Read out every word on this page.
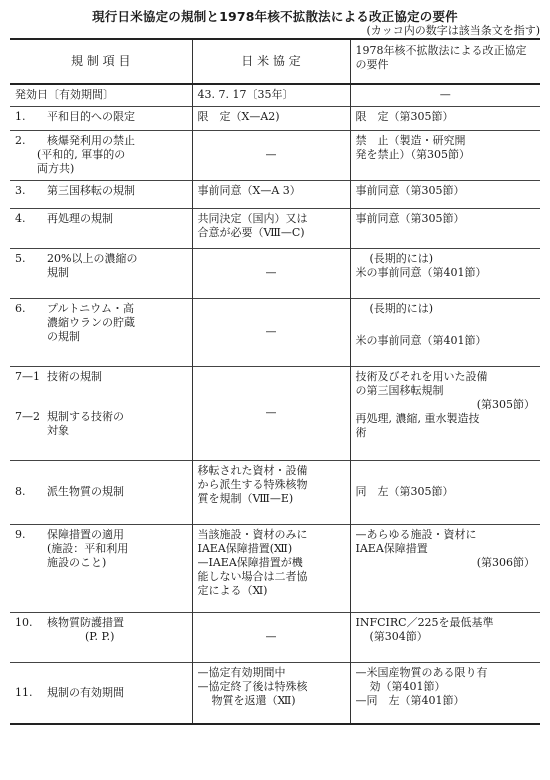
現行日米協定の規制と1978年核不拡散法による改正協定の要件
(カッコ内の数字は該当条文を指す)
規 制 項 目	日 米 協 定	1978年核不拡散法による改正協定の要件
発効日〔有効期間〕	43. 7. 17〔35年〕	—
1. 平和目的への限定	限　定（X—A2)	限　定（第305節）
2. 核爆発利用の禁止
(平和的, 軍事的の
両方共)	—	禁　止（製造・研究開
発を禁止）（第305節）

3. 第三国移転の規制	事前同意（X—A 3）	事前同意（第305節）
4. 再処理の規制	共同決定（国内）又は
合意が必要（Ⅷ—C)	事前同意（第305節）
5. 20%以上の濃縮の
規制	—	(長期的には)
米の事前同意（第401節）

6. プルトニウム・高
濃縮ウランの貯蔵
の規制	—	(長期的には)
米の事前同意（第401節）

7—1 技術の規制
7—2 規制する技術の
対象	—	技術及びそれを用いた設備
の第三国移転規制
(第305節）
再処理, 濃縮, 重水製造技
術

8. 派生物質の規制	移転された資材・設備
から派生する特殊核物
質を規制（Ⅷ—E)	同　左（第305節）
9. 保障措置の適用
(施設：平和利用
施設のこと)	当該施設・資材のみに
IAEA保障措置(Ⅻ)
—IAEA保障措置が機
能しない場合は二者協
定による（Ⅺ)	—あらゆる施設・資材に
IAEA保障措置
(第306節）

10. 核物質防護措置
(P. P.)	—	INFCIRC／225を最低基準
(第304節）

11. 規制の有効期間	—協定有効期間中
—協定終了後は特殊核
物質を返還（Ⅻ)	—米国産物質のある限り有
効（第401節）
—同　左（第401節）
